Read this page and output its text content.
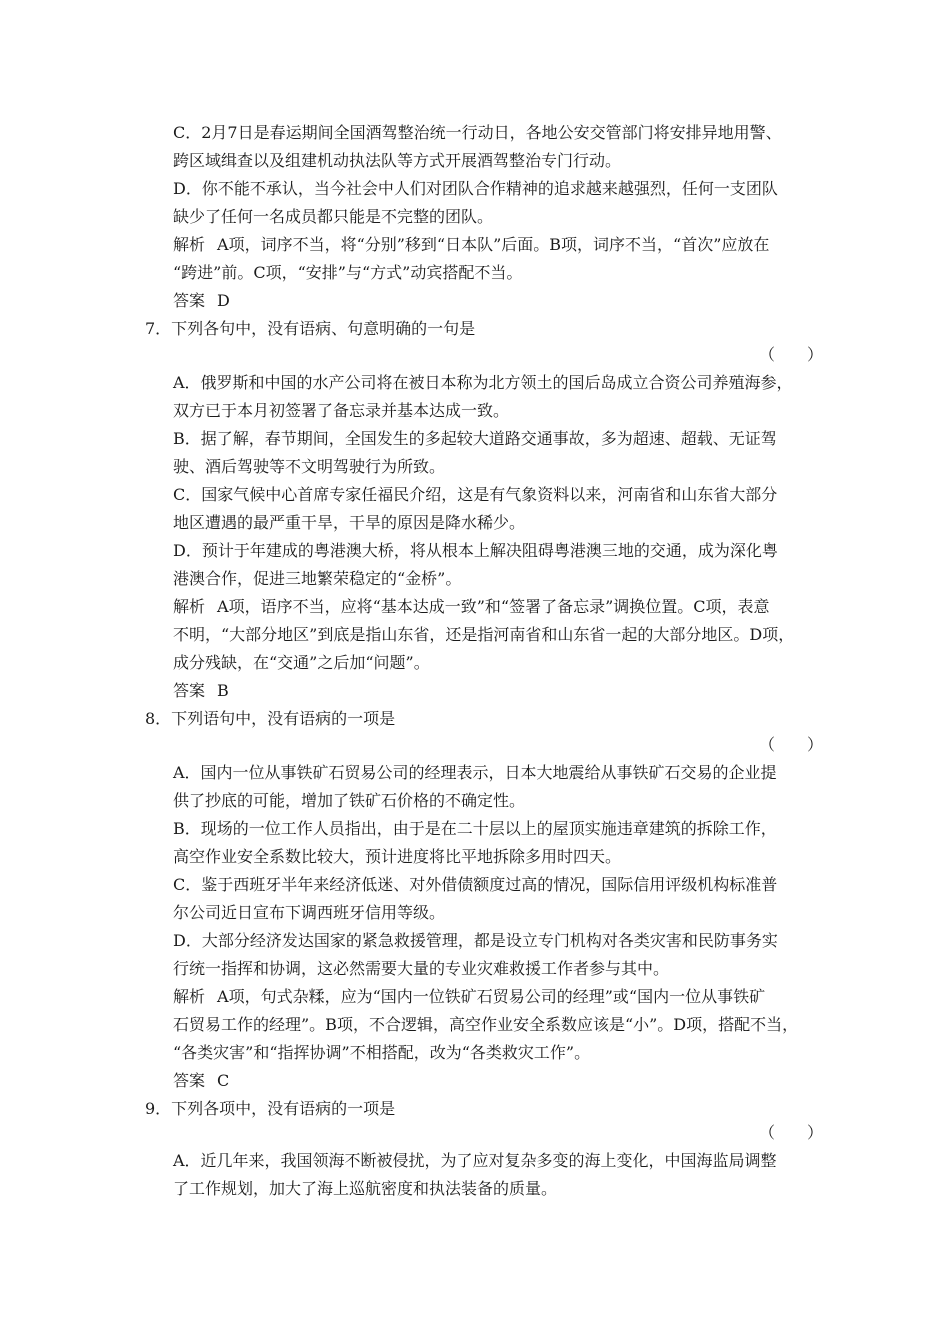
C．2月7日是春运期间全国酒驾整治统一行动日，各地公安交管部门将安排异地用警、
跨区域缉查以及组建机动执法队等方式开展酒驾整治专门行动。
D．你不能不承认，当今社会中人们对团队合作精神的追求越来越强烈，任何一支团队
缺少了任何一名成员都只能是不完整的团队。
解析 A项，词序不当，将“分别”移到“日本队”后面。B项，词序不当，“首次”应放在
“跨进”前。C项，“安排”与“方式”动宾搭配不当。
答案 D
7．下列各句中，没有语病、句意明确的一句是
（　　）
A．俄罗斯和中国的水产公司将在被日本称为北方领土的国后岛成立合资公司养殖海参，
双方已于本月初签署了备忘录并基本达成一致。
B．据了解，春节期间，全国发生的多起较大道路交通事故，多为超速、超载、无证驾
驶、酒后驾驶等不文明驾驶行为所致。
C．国家气候中心首席专家任福民介绍，这是有气象资料以来，河南省和山东省大部分
地区遭遇的最严重干旱，干旱的原因是降水稀少。
D．预计于年建成的粤港澳大桥，将从根本上解决阻碍粤港澳三地的交通，成为深化粤
港澳合作，促进三地繁荣稳定的“金桥”。
解析 A项，语序不当，应将“基本达成一致”和“签署了备忘录”调换位置。C项，表意
不明，“大部分地区”到底是指山东省，还是指河南省和山东省一起的大部分地区。D项，
成分残缺，在“交通”之后加“问题”。
答案 B
8．下列语句中，没有语病的一项是
（　　）
A．国内一位从事铁矿石贸易公司的经理表示，日本大地震给从事铁矿石交易的企业提
供了抄底的可能，增加了铁矿石价格的不确定性。
B．现场的一位工作人员指出，由于是在二十层以上的屋顶实施违章建筑的拆除工作，
高空作业安全系数比较大，预计进度将比平地拆除多用时四天。
C．鉴于西班牙半年来经济低迷、对外借债额度过高的情况，国际信用评级机构标准普
尔公司近日宣布下调西班牙信用等级。
D．大部分经济发达国家的紧急救援管理，都是设立专门机构对各类灾害和民防事务实
行统一指挥和协调，这必然需要大量的专业灾难救援工作者参与其中。
解析 A项，句式杂糅，应为“国内一位铁矿石贸易公司的经理”或“国内一位从事铁矿
石贸易工作的经理”。B项，不合逻辑，高空作业安全系数应该是“小”。D项，搭配不当，
“各类灾害”和“指挥协调”不相搭配，改为“各类救灾工作”。
答案 C
9．下列各项中，没有语病的一项是
（　　）
A．近几年来，我国领海不断被侵扰，为了应对复杂多变的海上变化，中国海监局调整
了工作规划，加大了海上巡航密度和执法装备的质量。
